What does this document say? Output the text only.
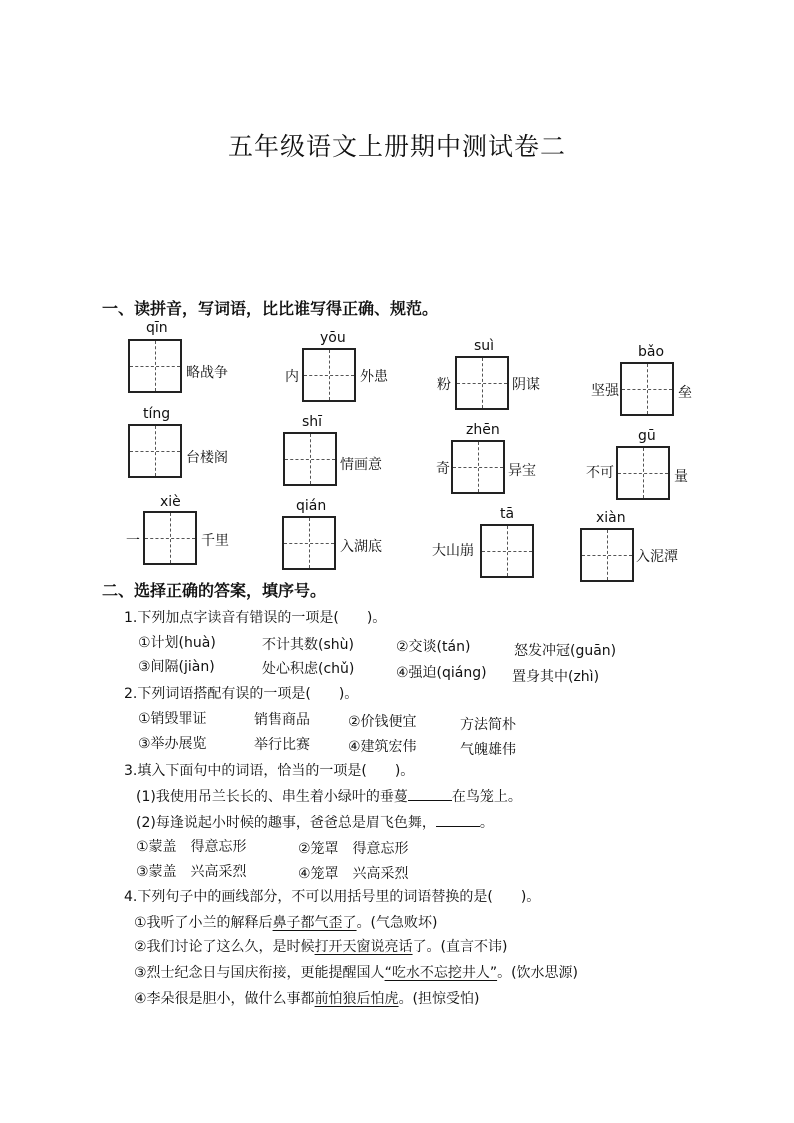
五年级语文上册期中测试卷二
一、读拼音，写词语，比比谁写得正确、规范。
qīn
略战争
yōu
内	外患
suì
粉	阴谋
bǎo
坚强	垒
tíng
台楼阁
shī
情画意
zhēn
奇	异宝
gū
不可	量
xiè
一	千里
qián
入湖底
tā
大山崩
xiàn
入泥潭
二、选择正确的答案，填序号。
1.下列加点字读音有错误的一项是(　　)。
①计划(huà)	不计其数(shù)	②交谈(tán)	怒发冲冠(guān)
③间隔(jiàn)	处心积虑(chǔ)	④强迫(qiáng) 置身其中(zhì)
2.下列词语搭配有误的一项是(　　)。
①销毁罪证	销售商品	②价钱便宜	方法简朴
③举办展览	举行比赛	④建筑宏伟	气魄雄伟
3.填入下面句中的词语，恰当的一项是(　　)。
(1)我使用吊兰长长的、串生着小绿叶的垂蔓	在鸟笼上。
(2)每逢说起小时候的趣事，爸爸总是眉飞色舞，	。
①蒙盖　得意忘形	②笼罩　得意忘形
③蒙盖　兴高采烈	④笼罩　兴高采烈
4.下列句子中的画线部分，不可以用括号里的词语替换的是(　　)。
①我听了小兰的解释后鼻子都气歪了。(气急败坏)
②我们讨论了这么久，是时候打开天窗说亮话了。(直言不讳)
③烈士纪念日与国庆衔接，更能提醒国人“吃水不忘挖井人”。(饮水思源)
④李朵很是胆小，做什么事都前怕狼后怕虎。(担惊受怕)
